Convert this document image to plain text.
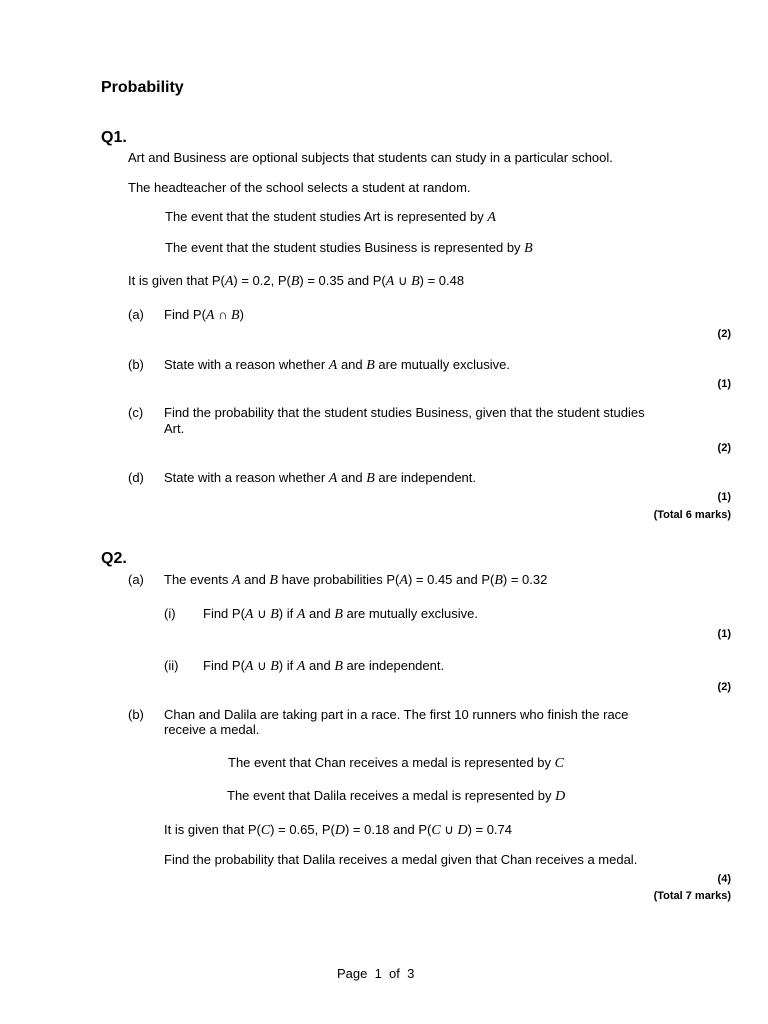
Probability
Q1.
Art and Business are optional subjects that students can study in a particular school.
The headteacher of the school selects a student at random.
The event that the student studies Art is represented by A
The event that the student studies Business is represented by B
It is given that P(A) = 0.2, P(B) = 0.35 and P(A ∪ B) = 0.48
(a) Find P(A ∩ B)
(2)
(b) State with a reason whether A and B are mutually exclusive.
(1)
(c) Find the probability that the student studies Business, given that the student studies
Art.
(2)
(d) State with a reason whether A and B are independent.
(1)
(Total 6 marks)
Q2.
(a) The events A and B have probabilities P(A) = 0.45 and P(B) = 0.32
(i) Find P(A ∪ B) if A and B are mutually exclusive.
(1)
(ii) Find P(A ∪ B) if A and B are independent.
(2)
(b) Chan and Dalila are taking part in a race. The first 10 runners who finish the race
receive a medal.
The event that Chan receives a medal is represented by C
The event that Dalila receives a medal is represented by D
It is given that P(C) = 0.65, P(D) = 0.18 and P(C ∪ D) = 0.74
Find the probability that Dalila receives a medal given that Chan receives a medal.
(4)
(Total 7 marks)
Page  1  of  3
